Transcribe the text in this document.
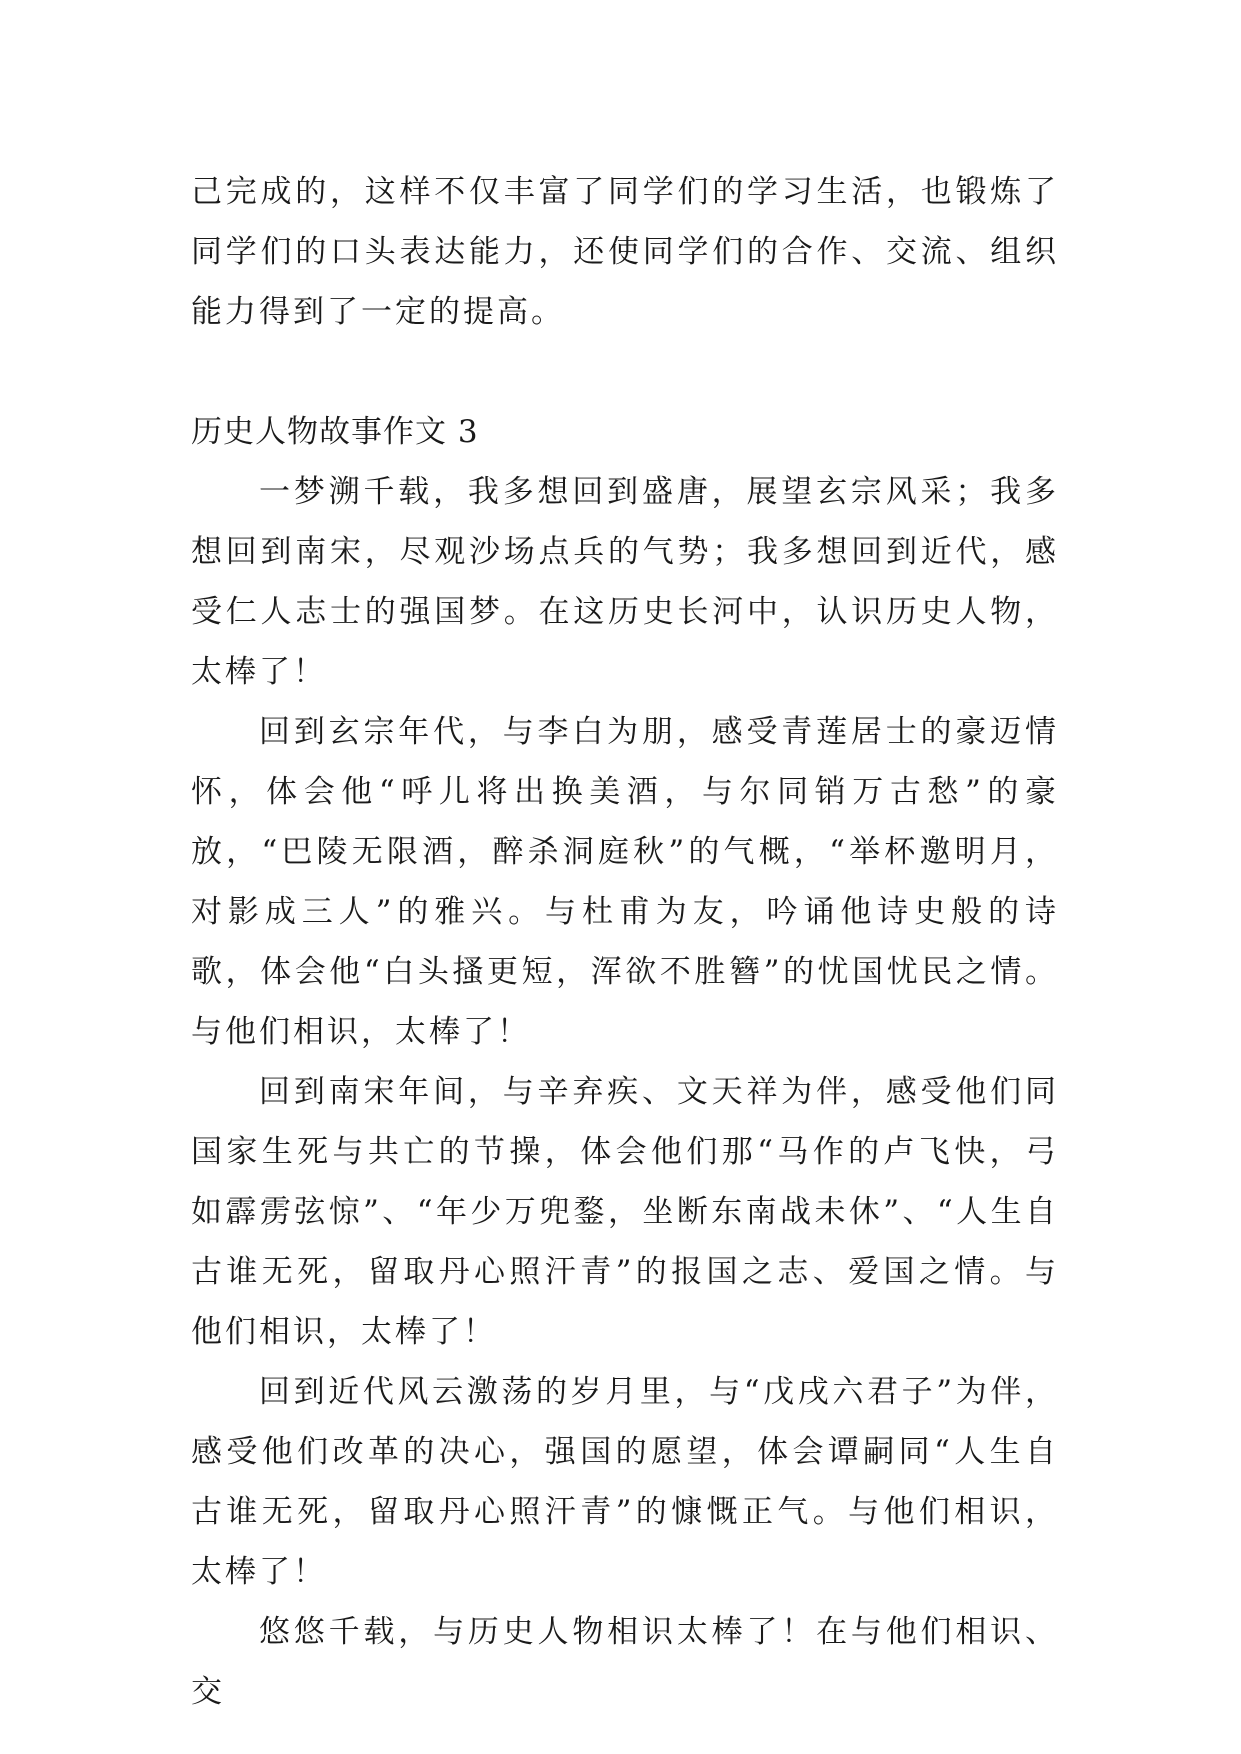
己完成的，这样不仅丰富了同学们的学习生活，也锻炼了同学们的口头表达能力，还使同学们的合作、交流、组织能力得到了一定的提高。

历史人物故事作文 3

一梦溯千载，我多想回到盛唐，展望玄宗风采；我多想回到南宋，尽观沙场点兵的气势；我多想回到近代，感受仁人志士的强国梦。在这历史长河中，认识历史人物，太棒了！

回到玄宗年代，与李白为朋，感受青莲居士的豪迈情怀，体会他“呼儿将出换美酒，与尔同销万古愁”的豪放，“巴陵无限酒，醉杀洞庭秋”的气概，“举杯邀明月，对影成三人”的雅兴。与杜甫为友，吟诵他诗史般的诗歌，体会他“白头搔更短，浑欲不胜簪”的忧国忧民之情。与他们相识，太棒了！

回到南宋年间，与辛弃疾、文天祥为伴，感受他们同国家生死与共亡的节操，体会他们那“马作的卢飞快，弓如霹雳弦惊”、“年少万兜鍪，坐断东南战未休”、“人生自古谁无死，留取丹心照汗青”的报国之志、爱国之情。与他们相识，太棒了！

回到近代风云激荡的岁月里，与“戊戌六君子”为伴，感受他们改革的决心，强国的愿望，体会谭嗣同“人生自古谁无死，留取丹心照汗青”的慷慨正气。与他们相识，太棒了！

悠悠千载，与历史人物相识太棒了！在与他们相识、交
